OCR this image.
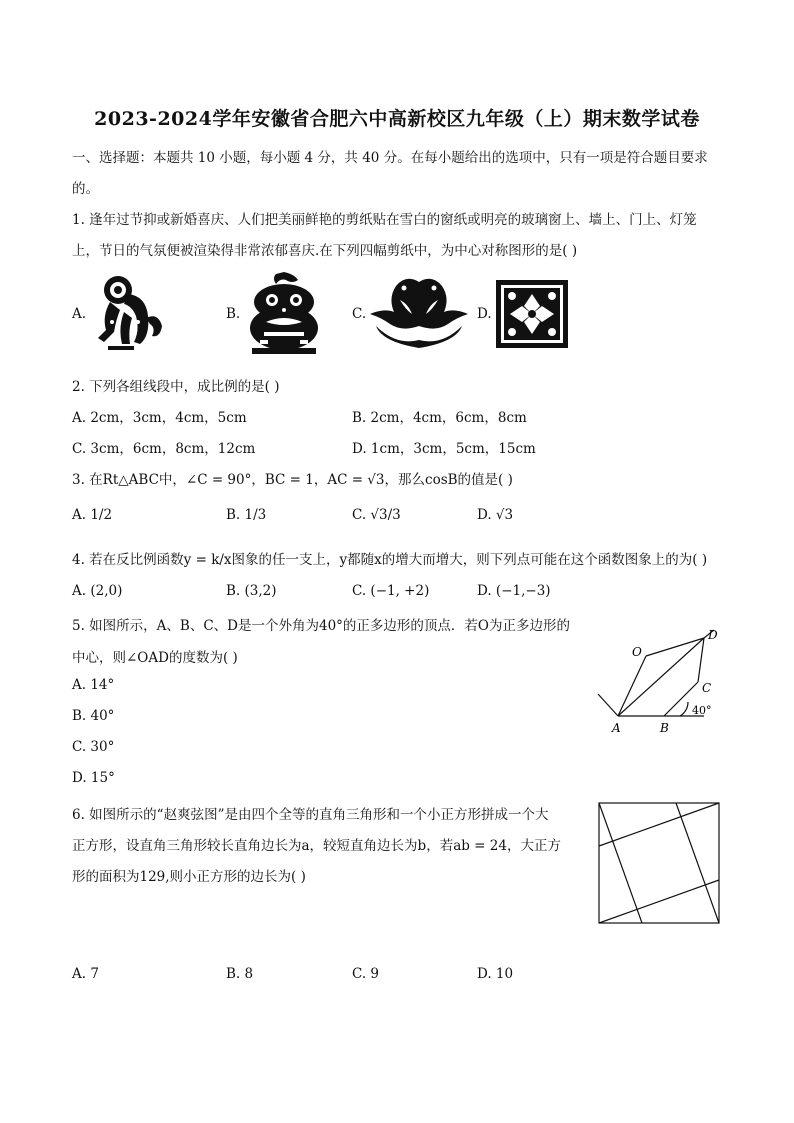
2023-2024学年安徽省合肥六中高新校区九年级（上）期末数学试卷
一、选择题：本题共 10 小题，每小题 4 分，共 40 分。在每小题给出的选项中，只有一项是符合题目要求
的。
1. 逢年过节抑或新婚喜庆、人们把美丽鲜艳的剪纸贴在雪白的窗纸或明亮的玻璃窗上、墙上、门上、灯笼
上，节日的气氛便被渲染得非常浓郁喜庆.在下列四幅剪纸中，为中心对称图形的是( )
A.	B.	C.	D.
2. 下列各组线段中，成比例的是( )
A. 2cm，3cm，4cm，5cm	B. 2cm，4cm，6cm，8cm
C. 3cm，6cm，8cm，12cm	D. 1cm，3cm，5cm，15cm
3. 在Rt△ABC中，∠C = 90°，BC = 1，AC = √3，那么cosB的值是( )
A. 1/2	B. 1/3	C. √3/3	D. √3
4. 若在反比例函数y = k/x图象的任一支上，y都随x的增大而增大，则下列点可能在这个函数图象上的为( )
A. (2,0)	B. (3,2)	C. (−1, +2)	D. (−1,−3)
5. 如图所示，A、B、C、D是一个外角为40°的正多边形的顶点．若O为正多边形的
中心，则∠OAD的度数为( )
A. 14°
B. 40°
C. 30°
D. 15°
D
O
C
A	B
40°
6. 如图所示的“赵爽弦图”是由四个全等的直角三角形和一个小正方形拼成一个大
正方形，设直角三角形较长直角边长为a，较短直角边长为b，若ab = 24，大正方
形的面积为129,则小正方形的边长为( )
A. 7	B. 8	C. 9	D. 10
